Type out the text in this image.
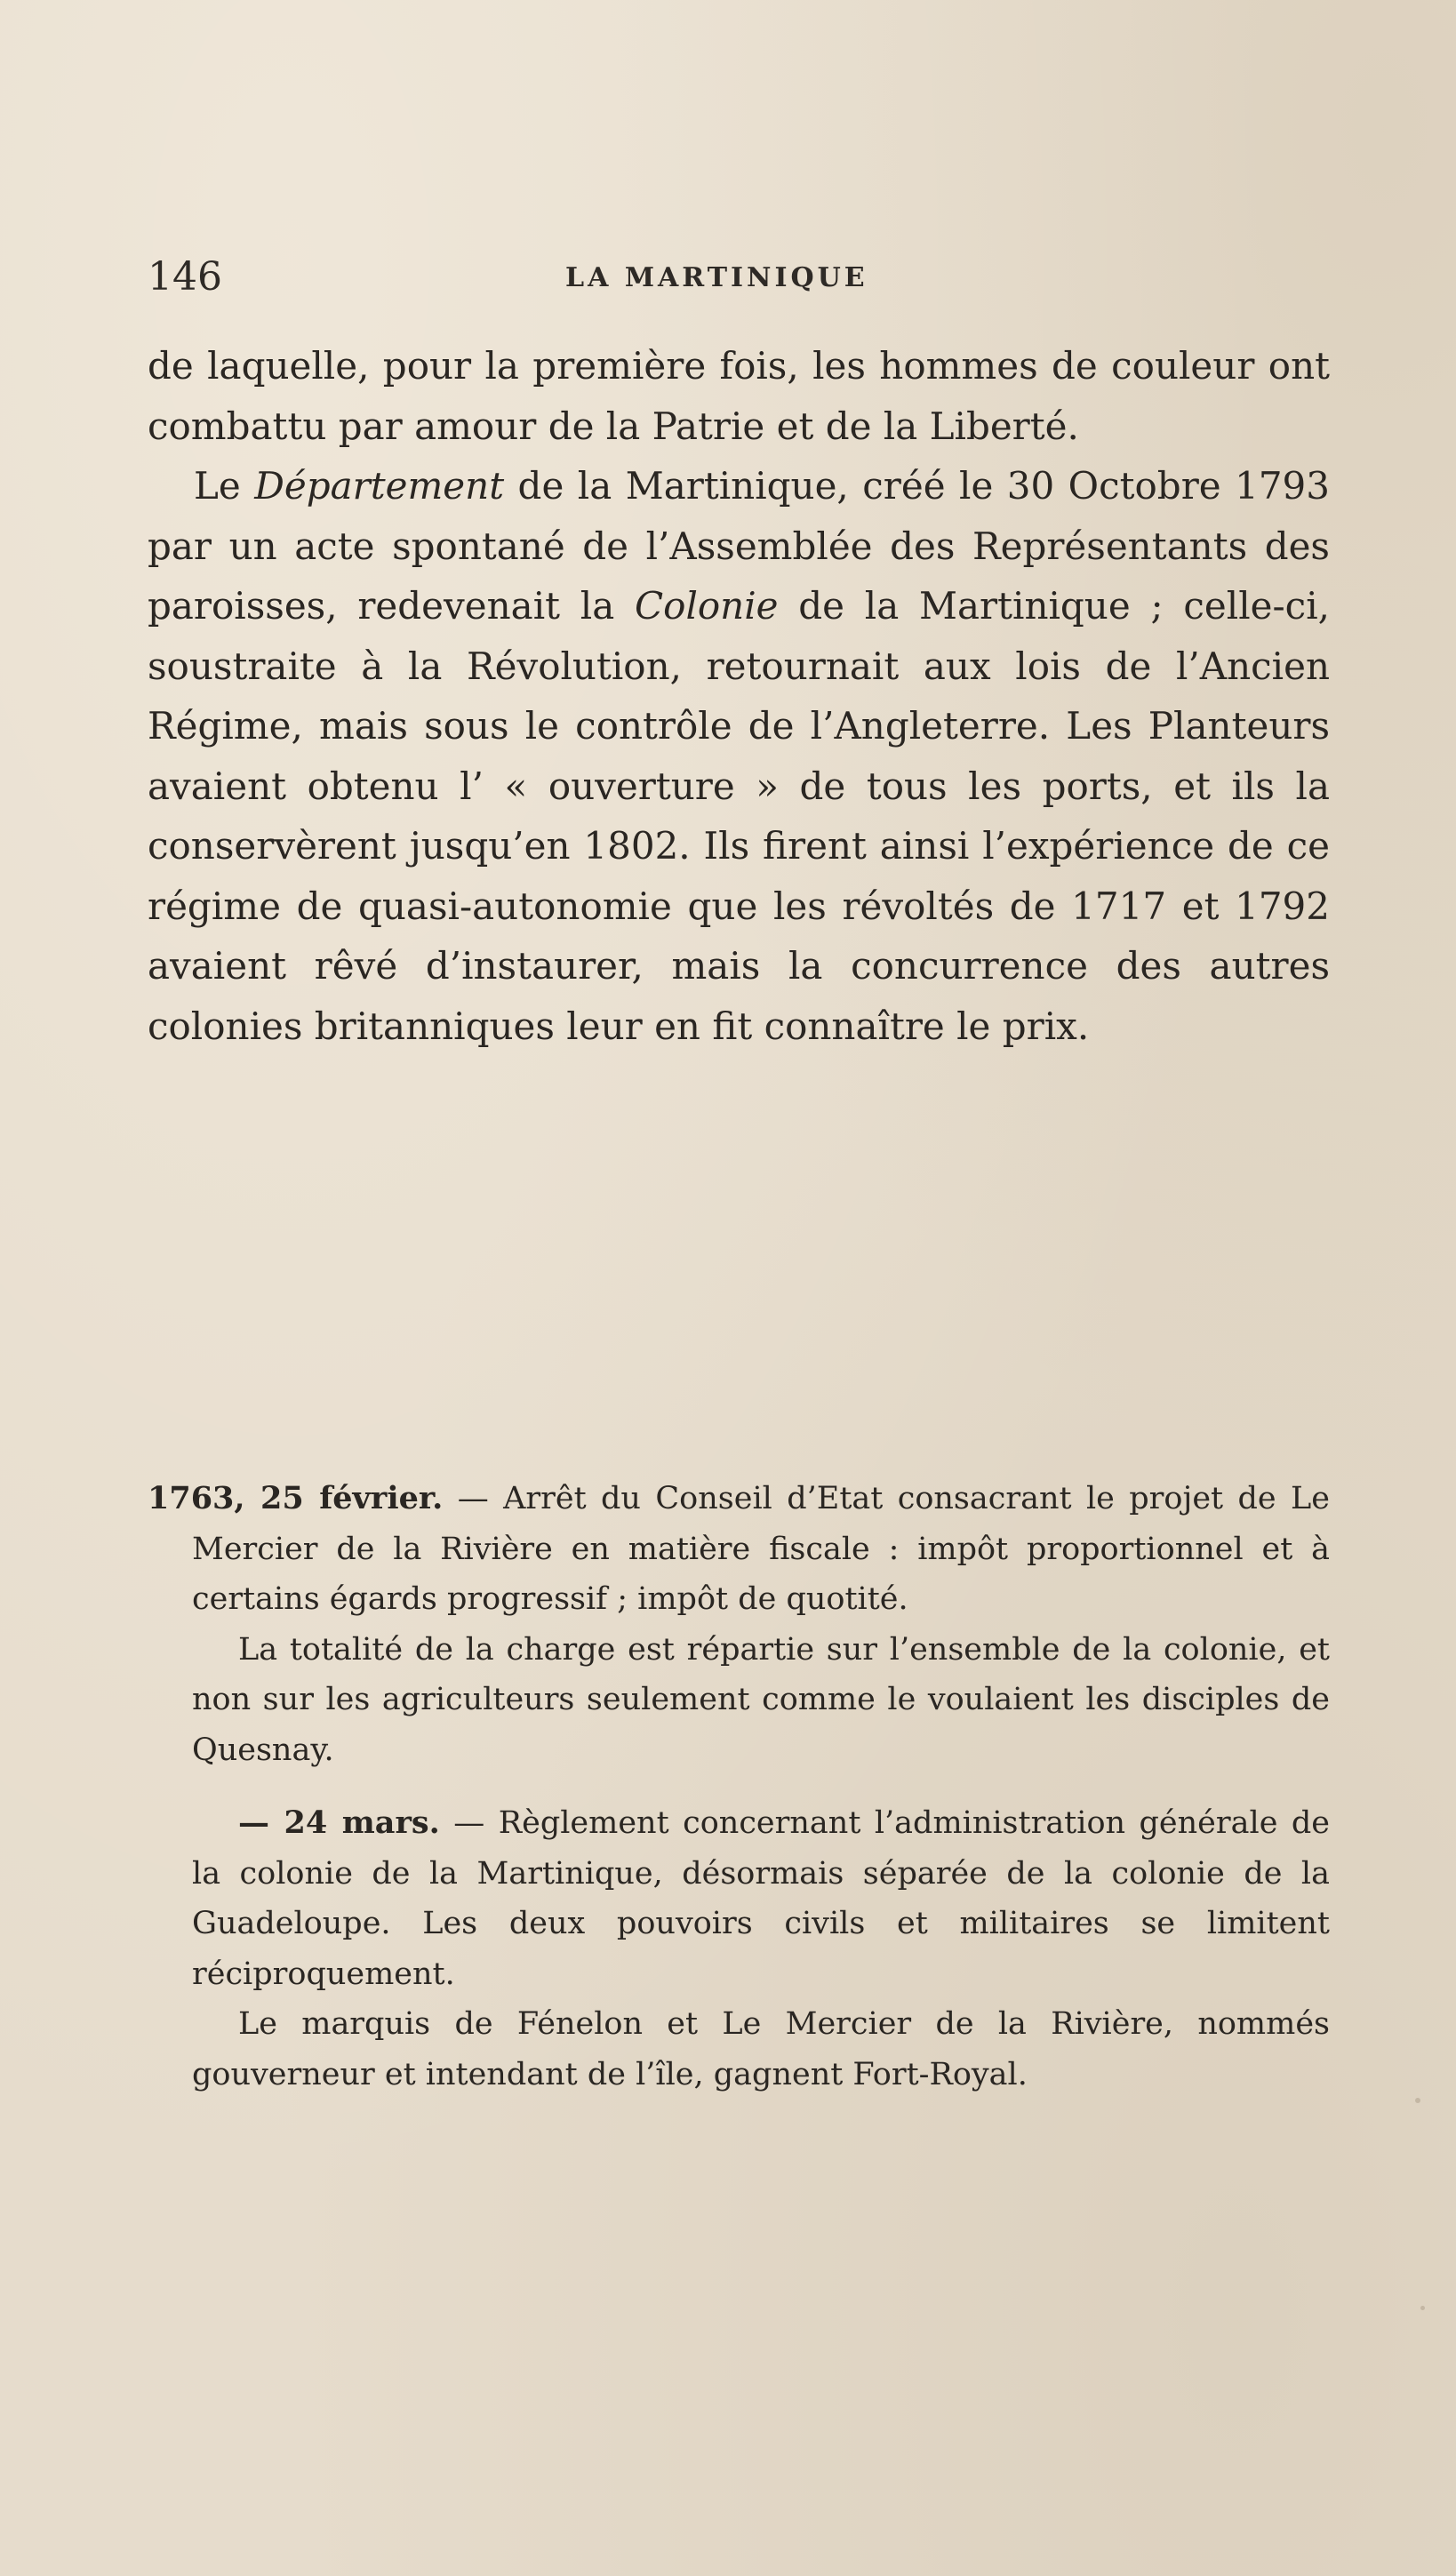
146	LA MARTINIQUE

de laquelle, pour la première fois, les hommes de couleur ont combattu par amour de la Patrie et de la Liberté.

Le Département de la Martinique, créé le 30 Octobre 1793 par un acte spontané de l’Assemblée des Représentants des paroisses, redevenait la Colonie de la Martinique ; celle-ci, soustraite à la Révolution, retournait aux lois de l’Ancien Régime, mais sous le contrôle de l’Angleterre. Les Planteurs avaient obtenu l’ « ouverture » de tous les ports, et ils la conservèrent jusqu’en 1802. Ils firent ainsi l’expérience de ce régime de quasi-autonomie que les révoltés de 1717 et 1792 avaient rêvé d’instaurer, mais la concurrence des autres colonies britanniques leur en fit connaître le prix.

1763, 25 février. — Arrêt du Conseil d’Etat consacrant le projet de Le Mercier de la Rivière en matière fiscale : impôt proportionnel et à certains égards progressif ; impôt de quotité.

La totalité de la charge est répartie sur l’ensemble de la colonie, et non sur les agriculteurs seulement comme le voulaient les disciples de Quesnay.

— 24 mars. — Règlement concernant l’administration générale de la colonie de la Martinique, désormais séparée de la colonie de la Guadeloupe. Les deux pouvoirs civils et militaires se limitent réciproquement.

Le marquis de Fénelon et Le Mercier de la Rivière, nommés gouverneur et intendant de l’île, gagnent Fort-Royal.
